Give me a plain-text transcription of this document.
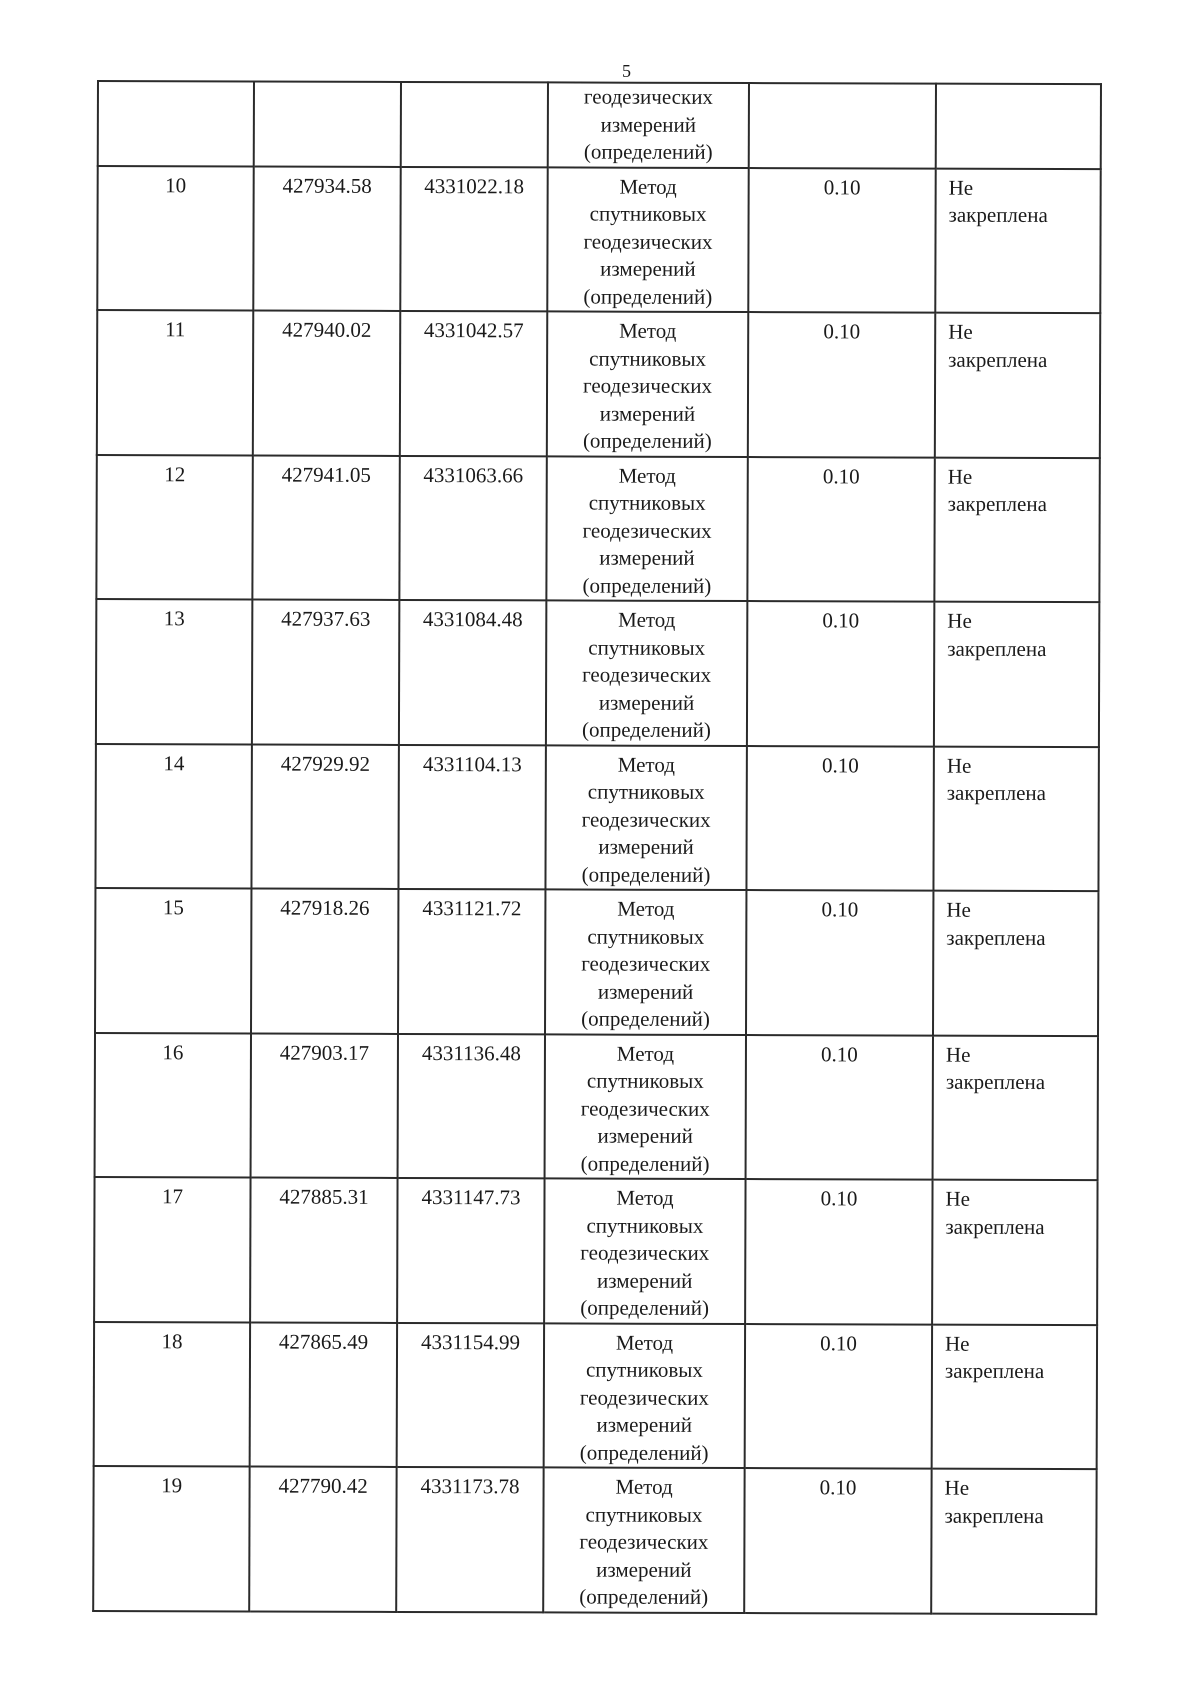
5

			геодезических
измерений
(определений)		

10	427934.58	4331022.18	Метод
спутниковых
геодезических
измерений
(определений)	0.10	Не
закреплена

11	427940.02	4331042.57	Метод
спутниковых
геодезических
измерений
(определений)	0.10	Не
закреплена

12	427941.05	4331063.66	Метод
спутниковых
геодезических
измерений
(определений)	0.10	Не
закреплена

13	427937.63	4331084.48	Метод
спутниковых
геодезических
измерений
(определений)	0.10	Не
закреплена

14	427929.92	4331104.13	Метод
спутниковых
геодезических
измерений
(определений)	0.10	Не
закреплена

15	427918.26	4331121.72	Метод
спутниковых
геодезических
измерений
(определений)	0.10	Не
закреплена

16	427903.17	4331136.48	Метод
спутниковых
геодезических
измерений
(определений)	0.10	Не
закреплена

17	427885.31	4331147.73	Метод
спутниковых
геодезических
измерений
(определений)	0.10	Не
закреплена

18	427865.49	4331154.99	Метод
спутниковых
геодезических
измерений
(определений)	0.10	Не
закреплена

19	427790.42	4331173.78	Метод
спутниковых
геодезических
измерений
(определений)	0.10	Не
закреплена
